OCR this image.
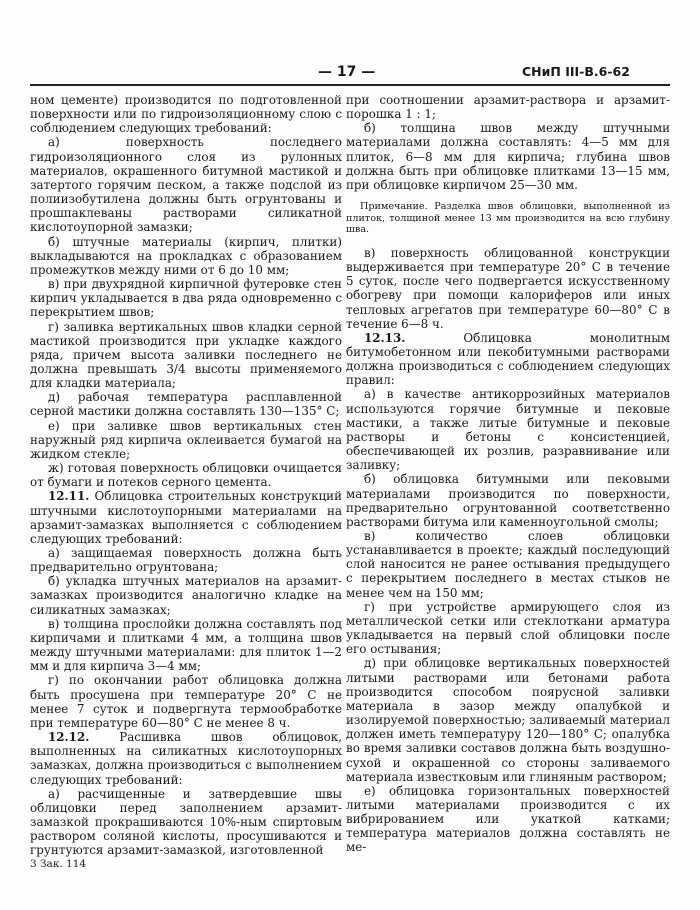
— 17 —	СНиП III-В.6-62

ном цементе) производится по подготовленной поверхности или по гидроизоляционному слою с соблюдением следующих требований:

а) поверхность последнего гидроизоляционного слоя из рулонных материалов, окрашенного битумной мастикой и затертого горячим песком, а также подслой из полиизобутилена должны быть огрунтованы и прошпаклеваны растворами силикатной кислотоупорной замазки;

б) штучные материалы (кирпич, плитки) выкладываются на прокладках с образованием промежутков между ними от 6 до 10 мм;

в) при двухрядной кирпичной футеровке стен кирпич укладывается в два ряда одновременно с перекрытием швов;

г) заливка вертикальных швов кладки серной мастикой производится при укладке каждого ряда, причем высота заливки последнего не должна превышать 3/4 высоты применяемого для кладки материала;

д) рабочая температура расплавленной серной мастики должна составлять 130—135° С;

е) при заливке швов вертикальных стен наружный ряд кирпича оклеивается бумагой на жидком стекле;

ж) готовая поверхность облицовки очищается от бумаги и потеков серного цемента.

12.11. Облицовка строительных конструкций штучными кислотоупорными материалами на арзамит-замазках выполняется с соблюдением следующих требований:

а) защищаемая поверхность должна быть предварительно огрунтована;

б) укладка штучных материалов на арзамит-замазках производится аналогично кладке на силикатных замазках;

в) толщина прослойки должна составлять под кирпичами и плитками 4 мм, а толщина швов между штучными материалами: для плиток 1—2 мм и для кирпича 3—4 мм;

г) по окончании работ облицовка должна быть просушена при температуре 20° С не менее 7 суток и подвергнута термообработке при температуре 60—80° С не менее 8 ч.

12.12.	Расшивка швов облицовок, выполненных на силикатных кислотоупорных замазках, должна производиться с выполнением следующих требований:

а) расчищенные и затвердевшие швы облицовки перед заполнением арзамит-замазкой прокрашиваются 10%-ным спиртовым раствором соляной кислоты, просушиваются и грунтуются арзамит-замазкой, изготовленной

при соотношении арзамит-раствора и арзамит-порошка 1 : 1;

б) толщина швов между штучными материалами должна составлять: 4—5 мм для плиток, 6—8 мм для кирпича; глубина швов должна быть при облицовке плитками 13—15 мм, при облицовке кирпичом 25—30 мм.

Примечание. Разделка швов облицовки, выполненной из плиток, толщиной менее 13 мм производится на всю глубину шва.

в) поверхность облицованной конструкции выдерживается при температуре 20° С в течение 5 суток, после чего подвергается искусственному обогреву при помощи калориферов или иных тепловых агрегатов при температуре 60—80° С в течение 6—8 ч.

12.13.	Облицовка монолитным битумобетонном или пекобитумными растворами должна производиться с соблюдением следующих правил:

а) в качестве антикоррозийных материалов используются горячие битумные и пековые мастики, а также литые битумные и пековые растворы и бетоны с консистенцией, обеспечивающей их розлив, разравнивание или заливку;

б) облицовка битумными или пековыми материалами производится по поверхности, предварительно огрунтованной соответственно растворами битума или каменноугольной смолы;

в) количество слоев облицовки устанавливается в проекте; каждый последующий слой наносится не ранее остывания предыдущего с перекрытием последнего в местах стыков не менее чем на 150 мм;

г) при устройстве армирующего слоя из металлической сетки или стеклоткани арматура укладывается на первый слой облицовки после его остывания;

д) при облицовке вертикальных поверхностей литыми растворами или бетонами работа производится способом поярусной заливки материала в зазор между опалубкой и изолируемой поверхностью; заливаемый материал должен иметь температуру 120—180° С; опалубка во время заливки составов должна быть воздушно-сухой и окрашенной со стороны заливаемого материала известковым или глиняным раствором;

е) облицовка горизонтальных поверхностей литыми материалами производится с их вибрированием или укаткой катками; температура материалов должна составлять не ме-

3 Зак. 114
